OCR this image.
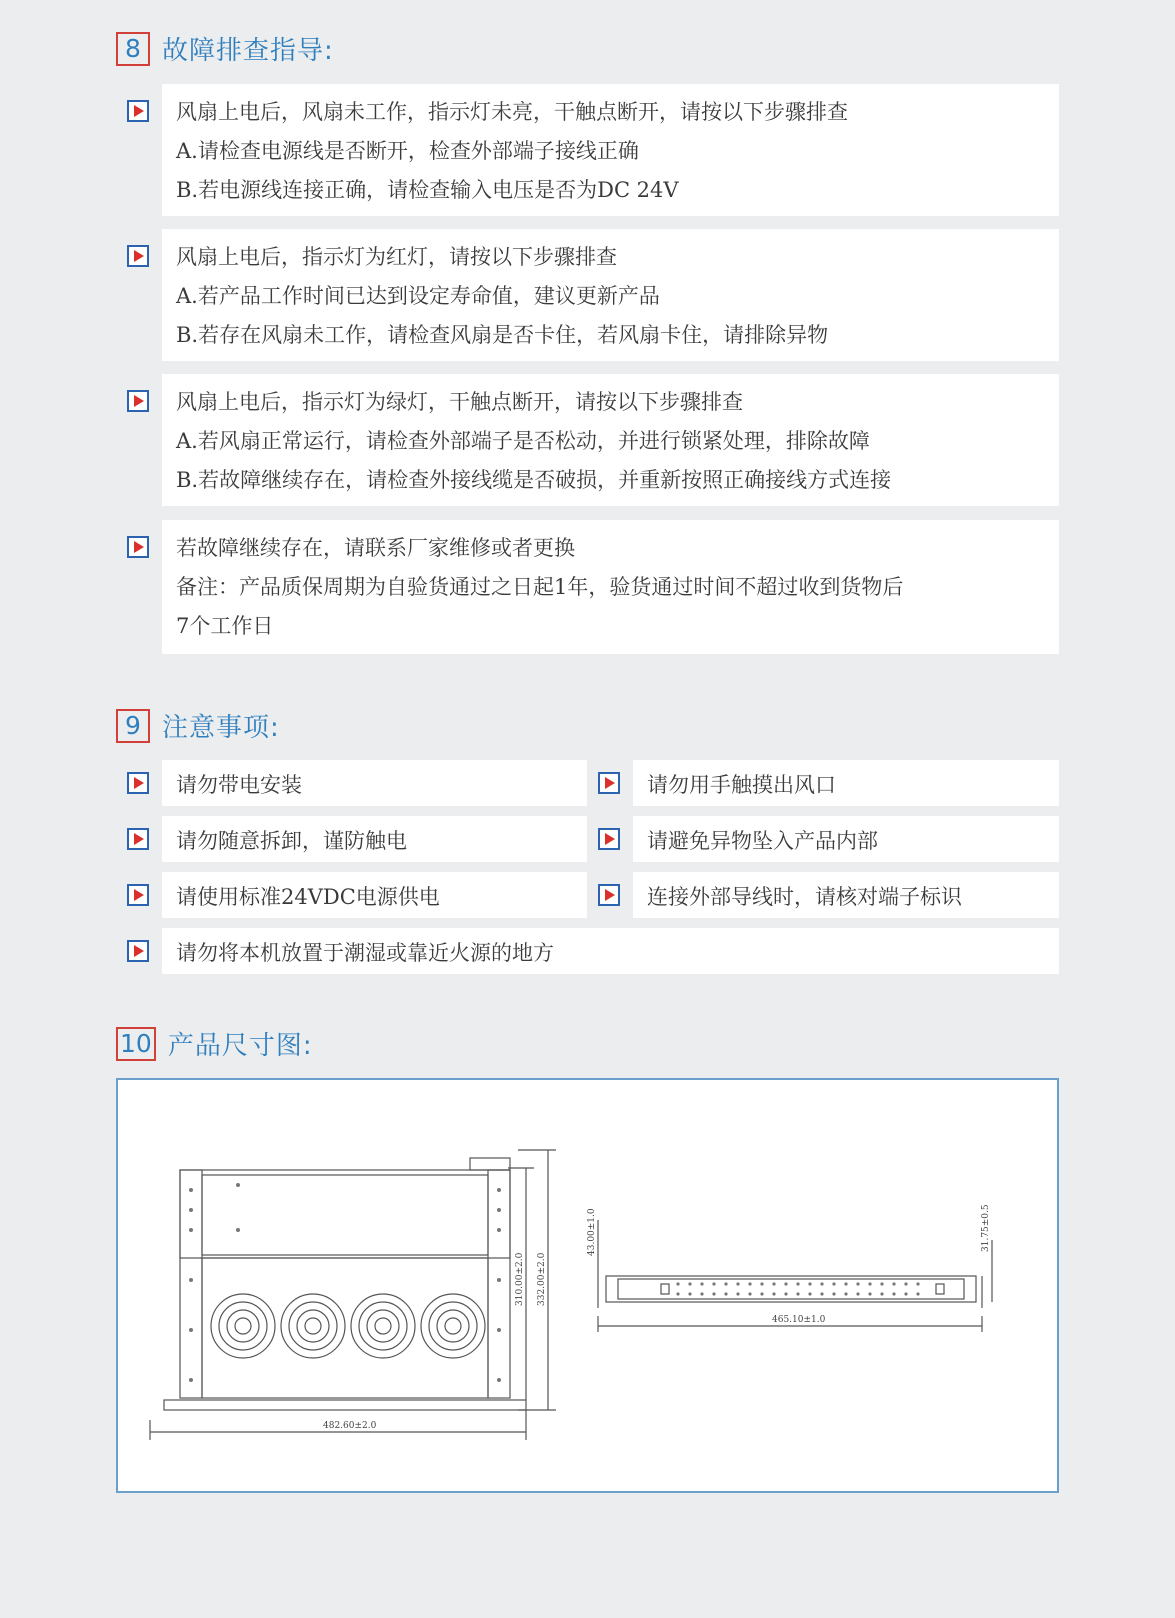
8 故障排查指导:
风扇上电后，风扇未工作，指示灯未亮，干触点断开，请按以下步骤排查
A.请检查电源线是否断开，检查外部端子接线正确
B.若电源线连接正确，请检查输入电压是否为DC 24V
风扇上电后，指示灯为红灯，请按以下步骤排查
A.若产品工作时间已达到设定寿命值，建议更新产品
B.若存在风扇未工作，请检查风扇是否卡住，若风扇卡住，请排除异物
风扇上电后，指示灯为绿灯，干触点断开，请按以下步骤排查
A.若风扇正常运行，请检查外部端子是否松动，并进行锁紧处理，排除故障
B.若故障继续存在，请检查外接线缆是否破损，并重新按照正确接线方式连接
若故障继续存在，请联系厂家维修或者更换
备注：产品质保周期为自验货通过之日起1年，验货通过时间不超过收到货物后
7个工作日
9 注意事项:
请勿带电安装	请勿用手触摸出风口
请勿随意拆卸，谨防触电	请避免异物坠入产品内部
请使用标准24VDC电源供电	连接外部导线时，请核对端子标识
请勿将本机放置于潮湿或靠近火源的地方
10 产品尺寸图:
482.60±2.0
310.00±2.0 332.00±2.0
465.10±1.0
43.00±1.0	31.75±0.5
